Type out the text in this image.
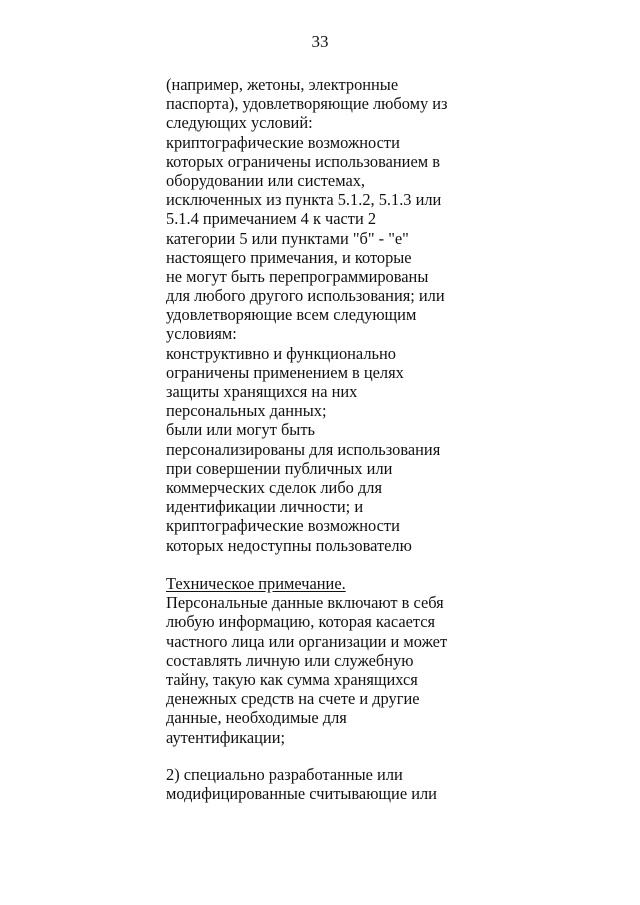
33
(например, жетоны, электронные
паспорта), удовлетворяющие любому из
следующих условий:
криптографические возможности
которых ограничены использованием в
оборудовании или системах,
исключенных из пункта 5.1.2, 5.1.3 или
5.1.4 примечанием 4 к части 2
категории 5 или пунктами "б" - "е"
настоящего примечания, и которые
не могут быть перепрограммированы
для любого другого использования; или
удовлетворяющие всем следующим
условиям:
конструктивно и функционально
ограничены применением в целях
защиты хранящихся на них
персональных данных;
были или могут быть
персонализированы для использования
при совершении публичных или
коммерческих сделок либо для
идентификации личности; и
криптографические возможности
которых недоступны пользователю
Техническое примечание.
Персональные данные включают в себя
любую информацию, которая касается
частного лица или организации и может
составлять личную или служебную
тайну, такую как сумма хранящихся
денежных средств на счете и другие
данные, необходимые для
аутентификации;
2) специально разработанные или
модифицированные считывающие или
